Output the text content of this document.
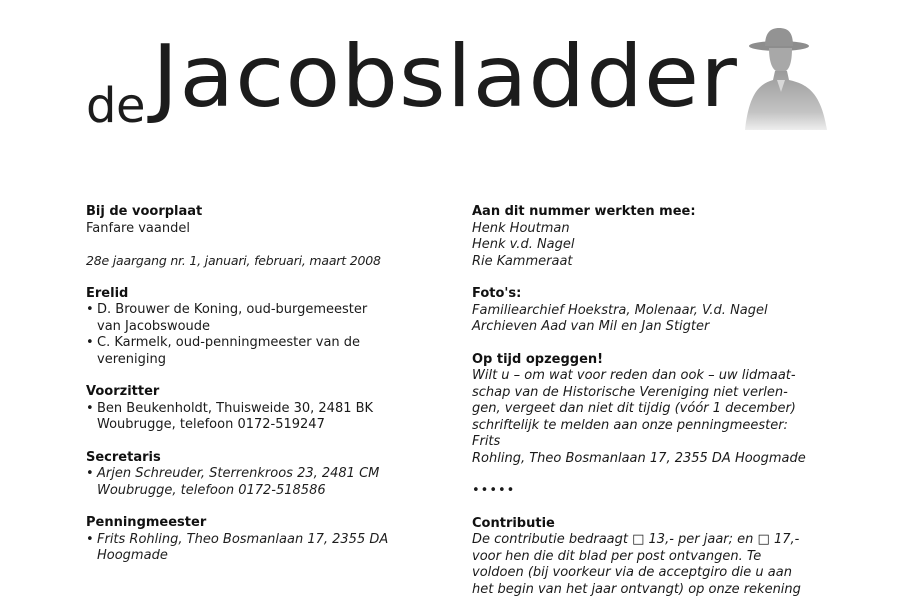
de Jacobsladder
Bij de voorplaat
Fanfare vaandel
28e jaargang nr. 1, januari, februari, maart 2008
Erelid
• D. Brouwer de Koning, oud-burgemeester
van Jacobswoude
• C. Karmelk, oud-penningmeester van de
vereniging
Voorzitter
• Ben Beukenholdt, Thuisweide 30, 2481 BK
Woubrugge, telefoon 0172-519247
Secretaris
• Arjen Schreuder, Sterrenkroos 23, 2481 CM
Woubrugge, telefoon 0172-518586
Penningmeester
• Frits Rohling, Theo Bosmanlaan 17, 2355 DA
Hoogmade
Aan dit nummer werkten mee:
Henk Houtman
Henk v.d. Nagel
Rie Kammeraat
Foto's:
Familiearchief Hoekstra, Molenaar, V.d. Nagel
Archieven Aad van Mil en Jan Stigter
Op tijd opzeggen!
Wilt u – om wat voor reden dan ook – uw lidmaat-
schap van de Historische Vereniging niet verlen-
gen, vergeet dan niet dit tijdig (vóór 1 december)
schriftelijk te melden aan onze penningmeester: Frits
Rohling, Theo Bosmanlaan 17, 2355 DA Hoogmade
•••••
Contributie
De contributie bedraagt □ 13,- per jaar; en □ 17,-
voor hen die dit blad per post ontvangen. Te
voldoen (bij voorkeur via de acceptgiro die u aan
het begin van het jaar ontvangt) op onze rekening
